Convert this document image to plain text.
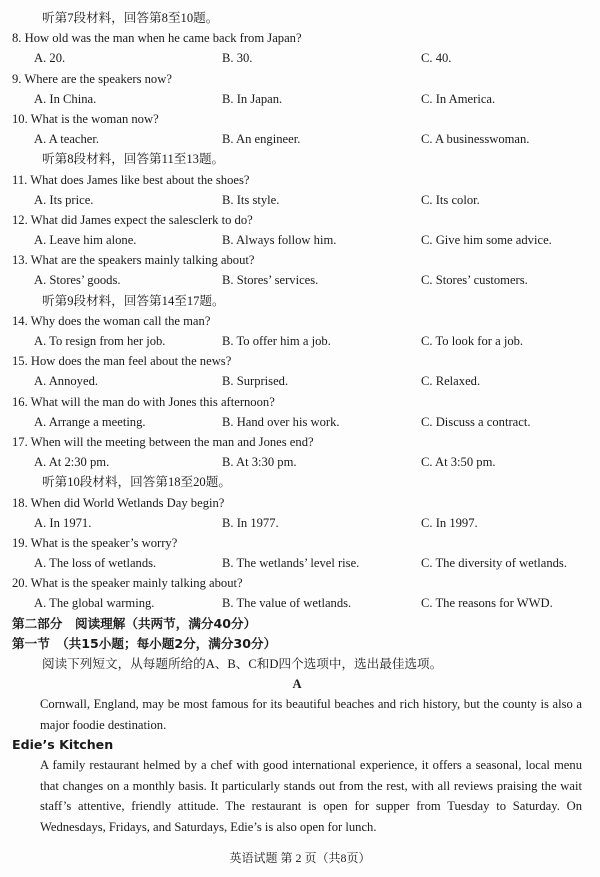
听第7段材料，回答第8至10题。
8. How old was the man when he came back from Japan?
A. 20.	B. 30.	C. 40.
9. Where are the speakers now?
A. In China.	B. In Japan.	C. In America.
10. What is the woman now?
A. A teacher.	B. An engineer.	C. A businesswoman.
听第8段材料，回答第11至13题。
11. What does James like best about the shoes?
A. Its price.	B. Its style.	C. Its color.
12. What did James expect the salesclerk to do?
A. Leave him alone.	B. Always follow him.	C. Give him some advice.
13. What are the speakers mainly talking about?
A. Stores’ goods.	B. Stores’ services.	C. Stores’ customers.
听第9段材料，回答第14至17题。
14. Why does the woman call the man?
A. To resign from her job.	B. To offer him a job.	C. To look for a job.
15. How does the man feel about the news?
A. Annoyed.	B. Surprised.	C. Relaxed.
16. What will the man do with Jones this afternoon?
A. Arrange a meeting.	B. Hand over his work.	C. Discuss a contract.
17. When will the meeting between the man and Jones end?
A. At 2:30 pm.	B. At 3:30 pm.	C. At 3:50 pm.
听第10段材料，回答第18至20题。
18. When did World Wetlands Day begin?
A. In 1971.	B. In 1977.	C. In 1997.
19. What is the speaker’s worry?
A. The loss of wetlands.	B. The wetlands’ level rise.	C. The diversity of wetlands.
20. What is the speaker mainly talking about?
A. The global warming.	B. The value of wetlands.	C. The reasons for WWD.
第二部分　阅读理解（共两节，满分40分）
第一节　（共15小题；每小题2分，满分30分）
阅读下列短文，从每题所给的A、B、C和D四个选项中，选出最佳选项。
A
Cornwall, England, may be most famous for its beautiful beaches and rich history, but the county is also a major foodie destination.
Edie’s Kitchen
A family restaurant helmed by a chef with good international experience, it offers a seasonal, local menu that changes on a monthly basis. It particularly stands out from the rest, with all reviews praising the wait staff’s attentive, friendly attitude. The restaurant is open for supper from Tuesday to Saturday. On Wednesdays, Fridays, and Saturdays, Edie’s is also open for lunch.
英语试题 第 2 页（共8页）
